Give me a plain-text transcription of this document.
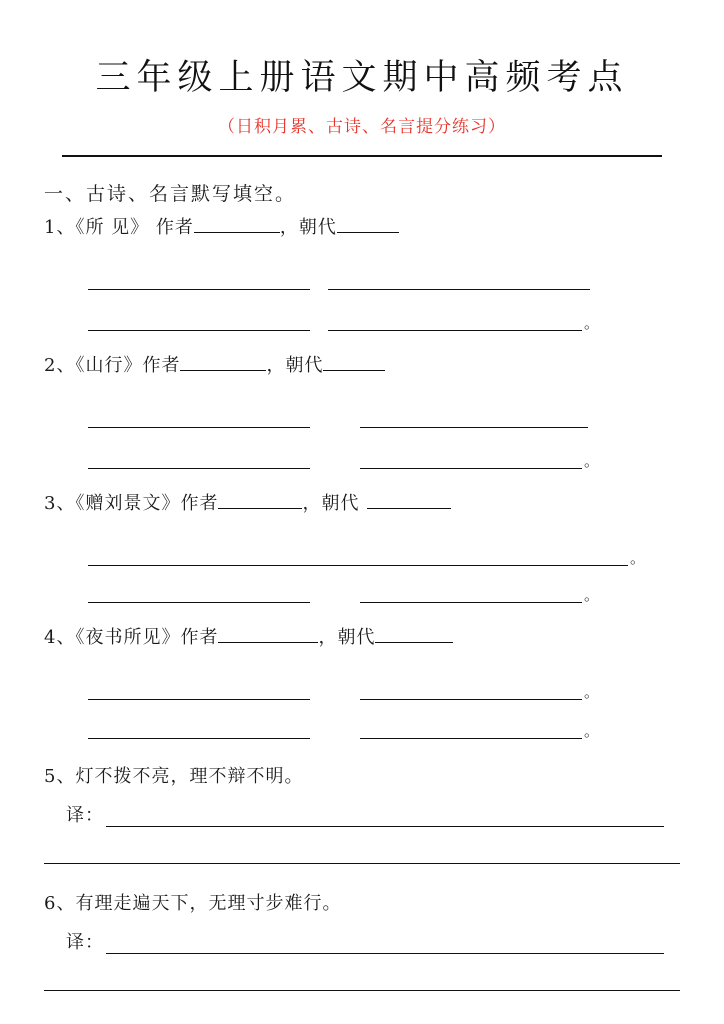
三年级上册语文期中高频考点
（日积月累、古诗、名言提分练习）
一、古诗、名言默写填空。

1、《所 见》 作者	，朝代

。

2、《山行》作者	，朝代

。

3、《赠刘景文》作者	，朝代

。
。

4、《夜书所见》作者	，朝代

。
。

5、灯不拨不亮，理不辩不明。

译：

6、有理走遍天下，无理寸步难行。

译：
